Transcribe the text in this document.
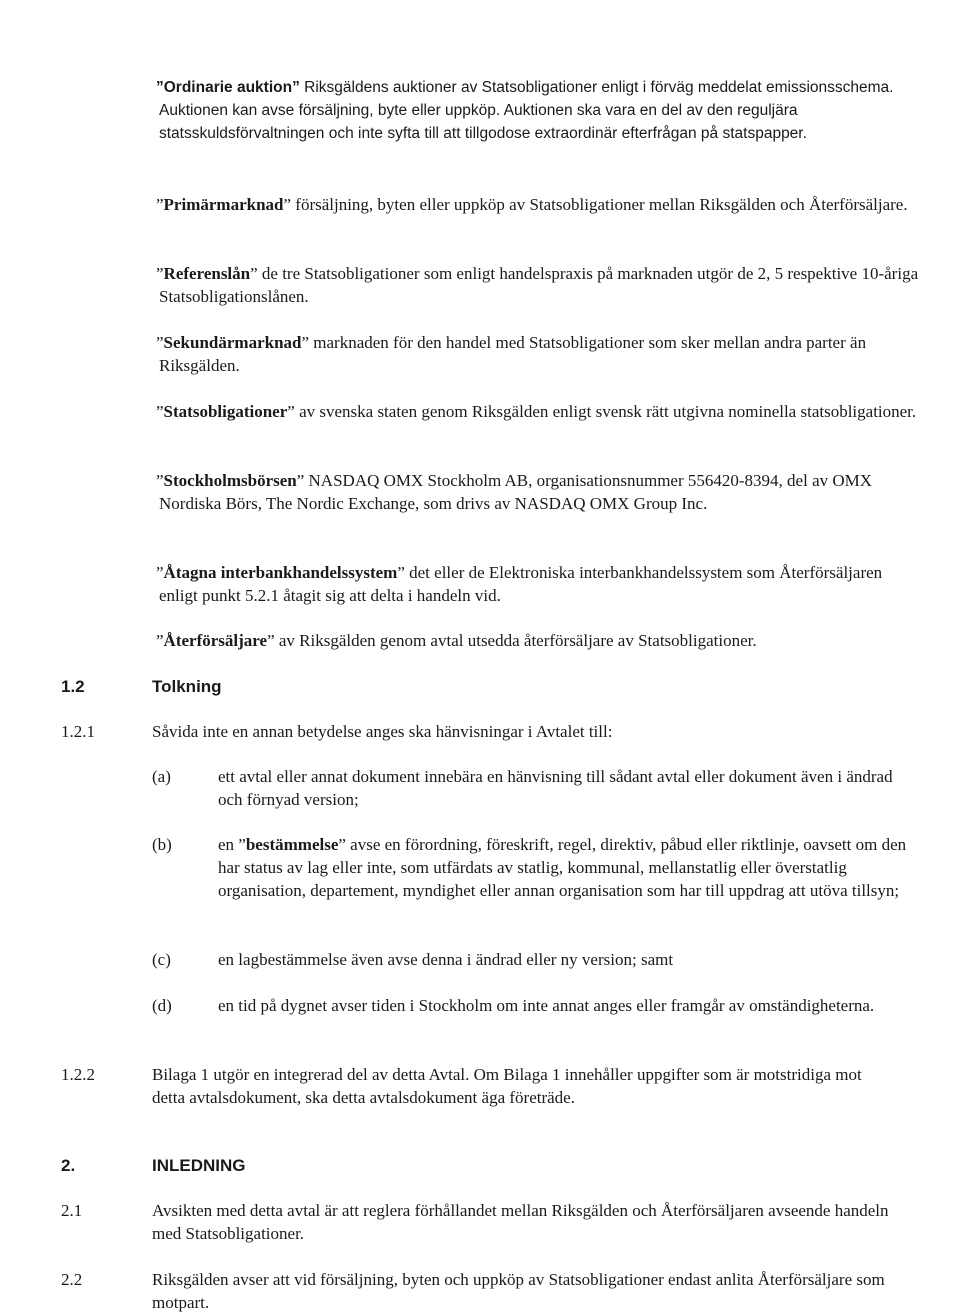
”Ordinarie auktion” Riksgäldens auktioner av Statsobligationer enligt i förväg meddelat emissionsschema. Auktionen kan avse försäljning, byte eller uppköp. Auktionen ska vara en del av den reguljära statsskuldsförvaltningen och inte syfta till att tillgodose extraordinär efterfrågan på statspapper.
”Primärmarknad” försäljning, byten eller uppköp av Statsobligationer mellan Riksgälden och Återförsäljare.
”Referenslån” de tre Statsobligationer som enligt handelspraxis på marknaden utgör de 2, 5 respektive 10-åriga Statsobligationslånen.
”Sekundärmarknad” marknaden för den handel med Statsobligationer som sker mellan andra parter än Riksgälden.
”Statsobligationer” av svenska staten genom Riksgälden enligt svensk rätt utgivna nominella statsobligationer.
”Stockholmsbörsen” NASDAQ OMX Stockholm AB, organisationsnummer 556420-8394, del av OMX Nordiska Börs, The Nordic Exchange, som drivs av NASDAQ OMX Group Inc.
”Åtagna interbankhandelssystem” det eller de Elektroniska interbankhandelssystem som Återförsäljaren enligt punkt 5.2.1 åtagit sig att delta i handeln vid.
”Återförsäljare” av Riksgälden genom avtal utsedda återförsäljare av Statsobligationer.
1.2	Tolkning
1.2.1	Såvida inte en annan betydelse anges ska hänvisningar i Avtalet till:
(a)	ett avtal eller annat dokument innebära en hänvisning till sådant avtal eller dokument även i ändrad och förnyad version;
(b)	en ”bestämmelse” avse en förordning, föreskrift, regel, direktiv, påbud eller riktlinje, oavsett om den har status av lag eller inte, som utfärdats av statlig, kommunal, mellanstatlig eller överstatlig organisation, departement, myndighet eller annan organisation som har till uppdrag att utöva tillsyn;
(c)	en lagbestämmelse även avse denna i ändrad eller ny version; samt
(d)	en tid på dygnet avser tiden i Stockholm om inte annat anges eller framgår av omständigheterna.
1.2.2	Bilaga 1 utgör en integrerad del av detta Avtal. Om Bilaga 1 innehåller uppgifter som är motstridiga mot detta avtalsdokument, ska detta avtalsdokument äga företräde.
2.	INLEDNING
2.1	Avsikten med detta avtal är att reglera förhållandet mellan Riksgälden och Återförsäljaren avseende handeln med Statsobligationer.
2.2	Riksgälden avser att vid försäljning, byten och uppköp av Statsobligationer endast anlita Återförsäljare som motpart.
